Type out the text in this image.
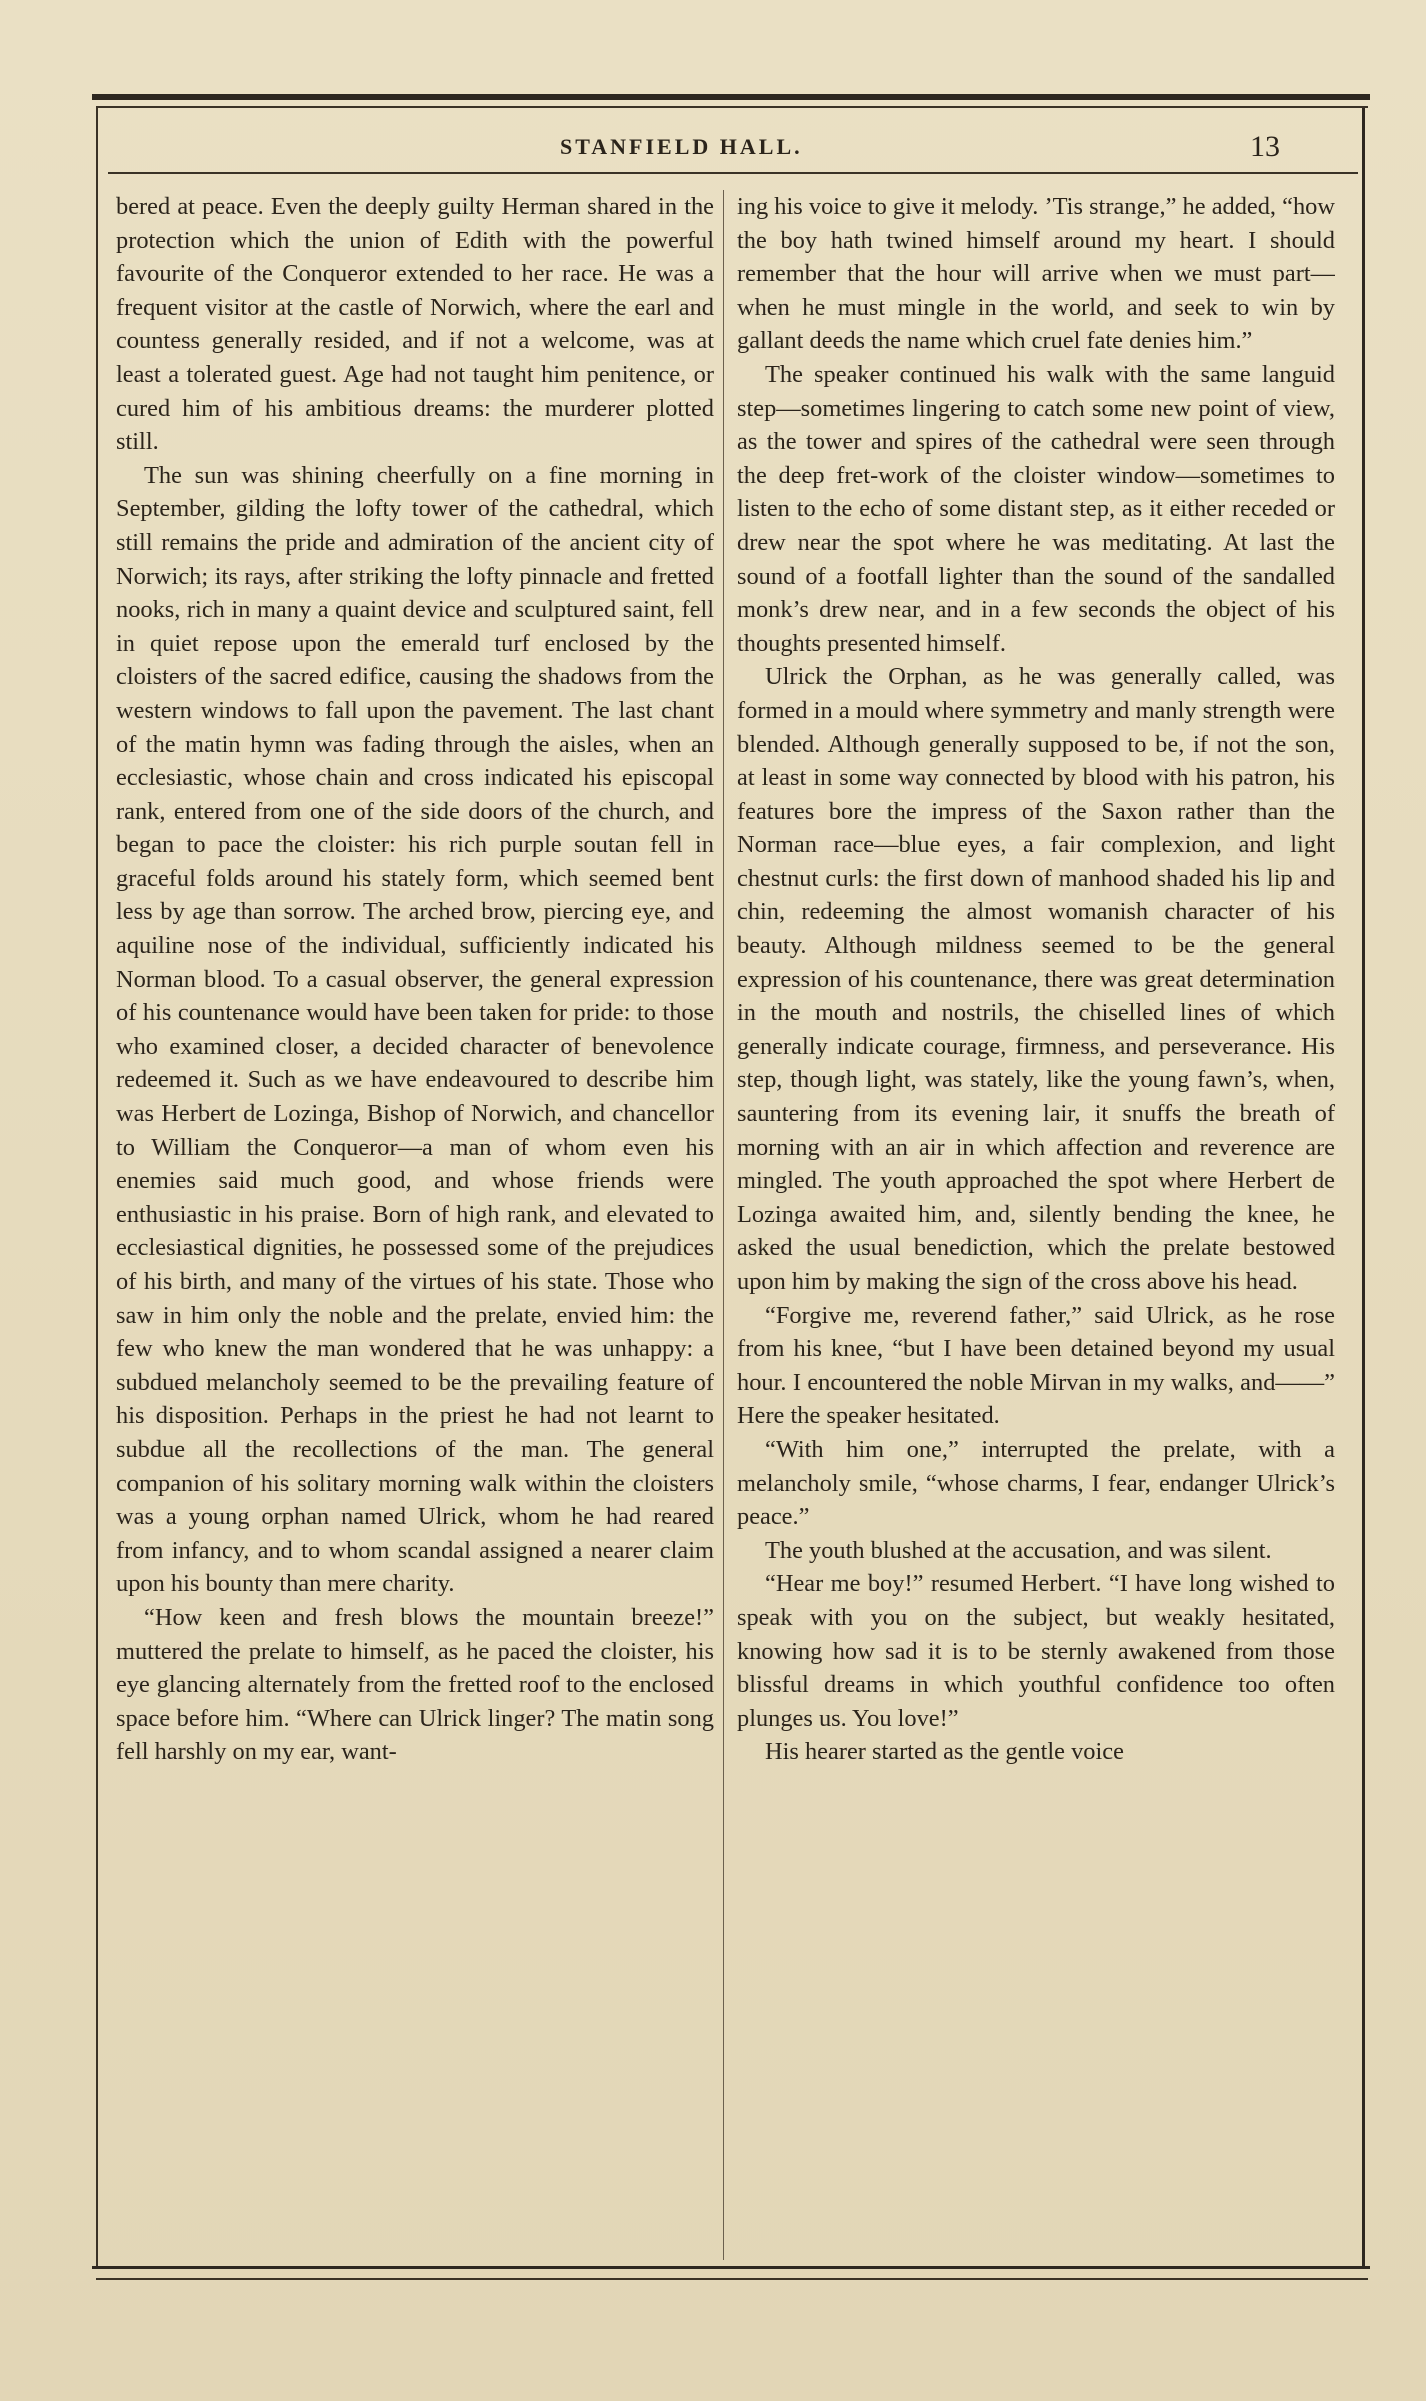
STANFIELD HALL.	13

bered at peace. Even the deeply guilty Herman shared in the protection which the union of Edith with the powerful favourite of the Conqueror extended to her race. He was a frequent visitor at the castle of Norwich, where the earl and countess generally resided, and if not a welcome, was at least a tolerated guest. Age had not taught him penitence, or cured him of his ambitious dreams: the murderer plotted still.

The sun was shining cheerfully on a fine morning in September, gilding the lofty tower of the cathedral, which still remains the pride and admiration of the ancient city of Norwich; its rays, after striking the lofty pinnacle and fretted nooks, rich in many a quaint device and sculptured saint, fell in quiet repose upon the emerald turf enclosed by the cloisters of the sacred edifice, causing the shadows from the western windows to fall upon the pavement. The last chant of the matin hymn was fading through the aisles, when an ecclesiastic, whose chain and cross indicated his episcopal rank, entered from one of the side doors of the church, and began to pace the cloister: his rich purple soutan fell in graceful folds around his stately form, which seemed bent less by age than sorrow. The arched brow, piercing eye, and aquiline nose of the individual, sufficiently indicated his Norman blood. To a casual observer, the general expression of his countenance would have been taken for pride: to those who examined closer, a decided character of benevolence redeemed it. Such as we have endeavoured to describe him was Herbert de Lozinga, Bishop of Norwich, and chancellor to William the Conqueror—a man of whom even his enemies said much good, and whose friends were enthusiastic in his praise. Born of high rank, and elevated to ecclesiastical dignities, he possessed some of the prejudices of his birth, and many of the virtues of his state. Those who saw in him only the noble and the prelate, envied him: the few who knew the man wondered that he was unhappy: a subdued melancholy seemed to be the prevailing feature of his disposition. Perhaps in the priest he had not learnt to subdue all the recollections of the man. The general companion of his solitary morning walk within the cloisters was a young orphan named Ulrick, whom he had reared from infancy, and to whom scandal assigned a nearer claim upon his bounty than mere charity.

“How keen and fresh blows the mountain breeze!” muttered the prelate to himself, as he paced the cloister, his eye glancing alternately from the fretted roof to the enclosed space before him. “Where can Ulrick linger? The matin song fell harshly on my ear, want-

ing his voice to give it melody. ’Tis strange,” he added, “how the boy hath twined himself around my heart. I should remember that the hour will arrive when we must part—when he must mingle in the world, and seek to win by gallant deeds the name which cruel fate denies him.”

The speaker continued his walk with the same languid step—sometimes lingering to catch some new point of view, as the tower and spires of the cathedral were seen through the deep fret-work of the cloister window—sometimes to listen to the echo of some distant step, as it either receded or drew near the spot where he was meditating. At last the sound of a footfall lighter than the sound of the sandalled monk’s drew near, and in a few seconds the object of his thoughts presented himself.

Ulrick the Orphan, as he was generally called, was formed in a mould where symmetry and manly strength were blended. Although generally supposed to be, if not the son, at least in some way connected by blood with his patron, his features bore the impress of the Saxon rather than the Norman race—blue eyes, a fair complexion, and light chestnut curls: the first down of manhood shaded his lip and chin, redeeming the almost womanish character of his beauty. Although mildness seemed to be the general expression of his countenance, there was great determination in the mouth and nostrils, the chiselled lines of which generally indicate courage, firmness, and perseverance. His step, though light, was stately, like the young fawn’s, when, sauntering from its evening lair, it snuffs the breath of morning with an air in which affection and reverence are mingled. The youth approached the spot where Herbert de Lozinga awaited him, and, silently bending the knee, he asked the usual benediction, which the prelate bestowed upon him by making the sign of the cross above his head.

“Forgive me, reverend father,” said Ulrick, as he rose from his knee, “but I have been detained beyond my usual hour. I encountered the noble Mirvan in my walks, and——” Here the speaker hesitated.

“With him one,” interrupted the prelate, with a melancholy smile, “whose charms, I fear, endanger Ulrick’s peace.”

The youth blushed at the accusation, and was silent.

“Hear me boy!” resumed Herbert. “I have long wished to speak with you on the subject, but weakly hesitated, knowing how sad it is to be sternly awakened from those blissful dreams in which youthful confidence too often plunges us. You love!”

His hearer started as the gentle voice
